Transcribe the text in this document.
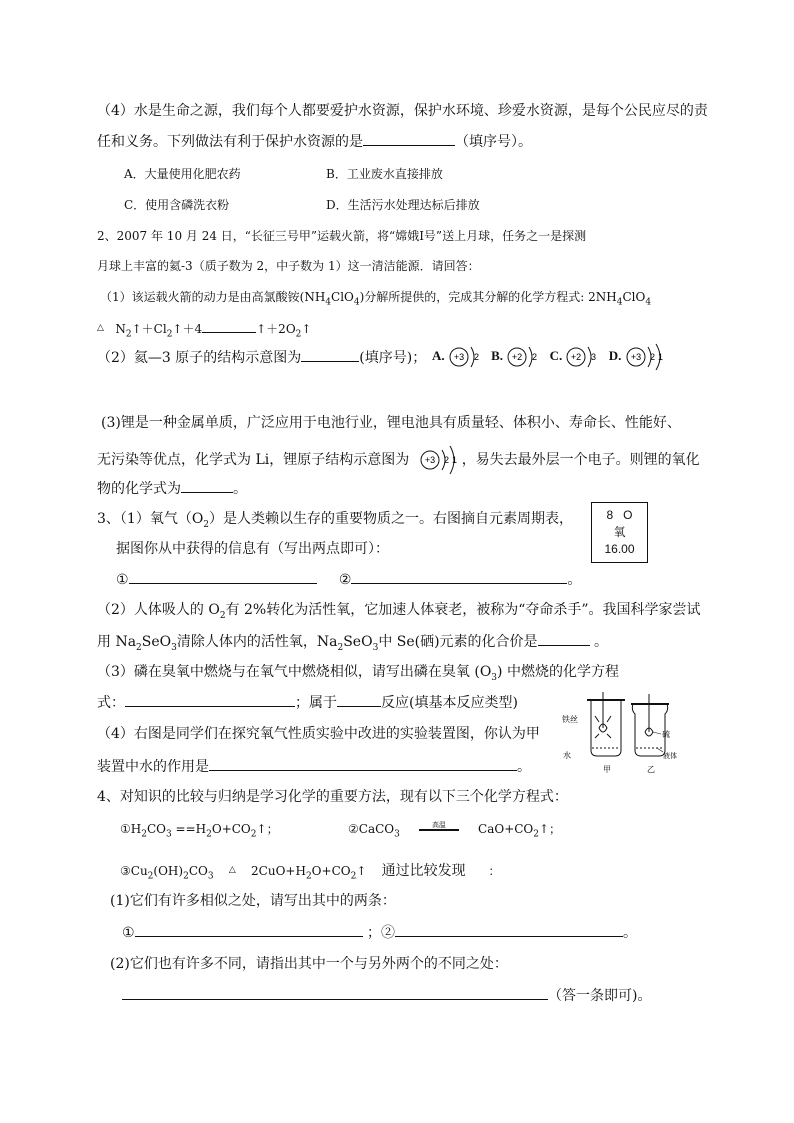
（4）水是生命之源，我们每个人都要爱护水资源，保护水环境、珍爱水资源，是每个公民应尽的责
任和义务。下列做法有利于保护水资源的是	（填序号）。
A．大量使用化肥农药	B．工业废水直接排放
C．使用含磷洗衣粉	D．生活污水处理达标后排放
2、2007 年 10 月 24 日，“长征三号甲”运载火箭，将“嫦娥Ⅰ号”送上月球，任务之一是探测
月球上丰富的氦-3（质子数为 2，中子数为 1）这一清洁能源．请回答：
（1）该运载火箭的动力是由高氯酸铵$(NH_4ClO_4)$分解所提供的，完成其分解的化学方程式: $2NH_4ClO_4$
△ $N_2↑+Cl_2↑+4$	$↑+2O_2↑$
（2）氦—3 原子的结构示意图为	(填序号)； A. +3 2 B. +2 2 C. +2 3 D. +3 2 1
(3)锂是一种金属单质，广泛应用于电池行业，锂电池具有质量轻、体积小、寿命长、性能好、
无污染等优点，化学式为 Li，锂原子结构示意图为 +3 2 1 ，易失去最外层一个电子。则锂的氧化
物的化学式为	。
3、（1）氧气$(O_2)$是人类赖以生存的重要物质之一。右图摘自元素周期表，
据图你从中获得的信息有（写出两点即可）：
①	②	。
8 O
氧
16.00
（2）人体吸人的 $O_2$有 2%转化为活性氧，它加速人体衰老，被称为“夺命杀手”。我国科学家尝试
用 $Na_2SeO_3$清除人体内的活性氧，$Na_2SeO_3$中 Se(硒)元素的化合价是	。
（3）磷在臭氧中燃烧与在氧气中燃烧相似，请写出磷在臭氧 $(O_3)$ 中燃烧的化学方程
式：	；属于	反应(填基本反应类型)
（4）右图是同学们在探究氧气性质实验中改进的实验装置图，你认为甲
装置中水的作用是	。
铁丝
水
甲
硫
液体
乙
4、对知识的比较与归纳是学习化学的重要方法，现有以下三个化学方程式：
$①H_2CO_3$ $==H_2O+CO_2↑$；	②CaCO$_3$     高温	$CaO+CO_2↑$；
$③Cu_2(OH)_2CO_3$    △ $2CuO+H_2O+CO_2↑$ 通过比较发现 ：
(1)它们有许多相似之处，请写出其中的两条：
①	；②	。
(2)它们也有许多不同，请指出其中一个与另外两个的不同之处：
（答一条即可)。
